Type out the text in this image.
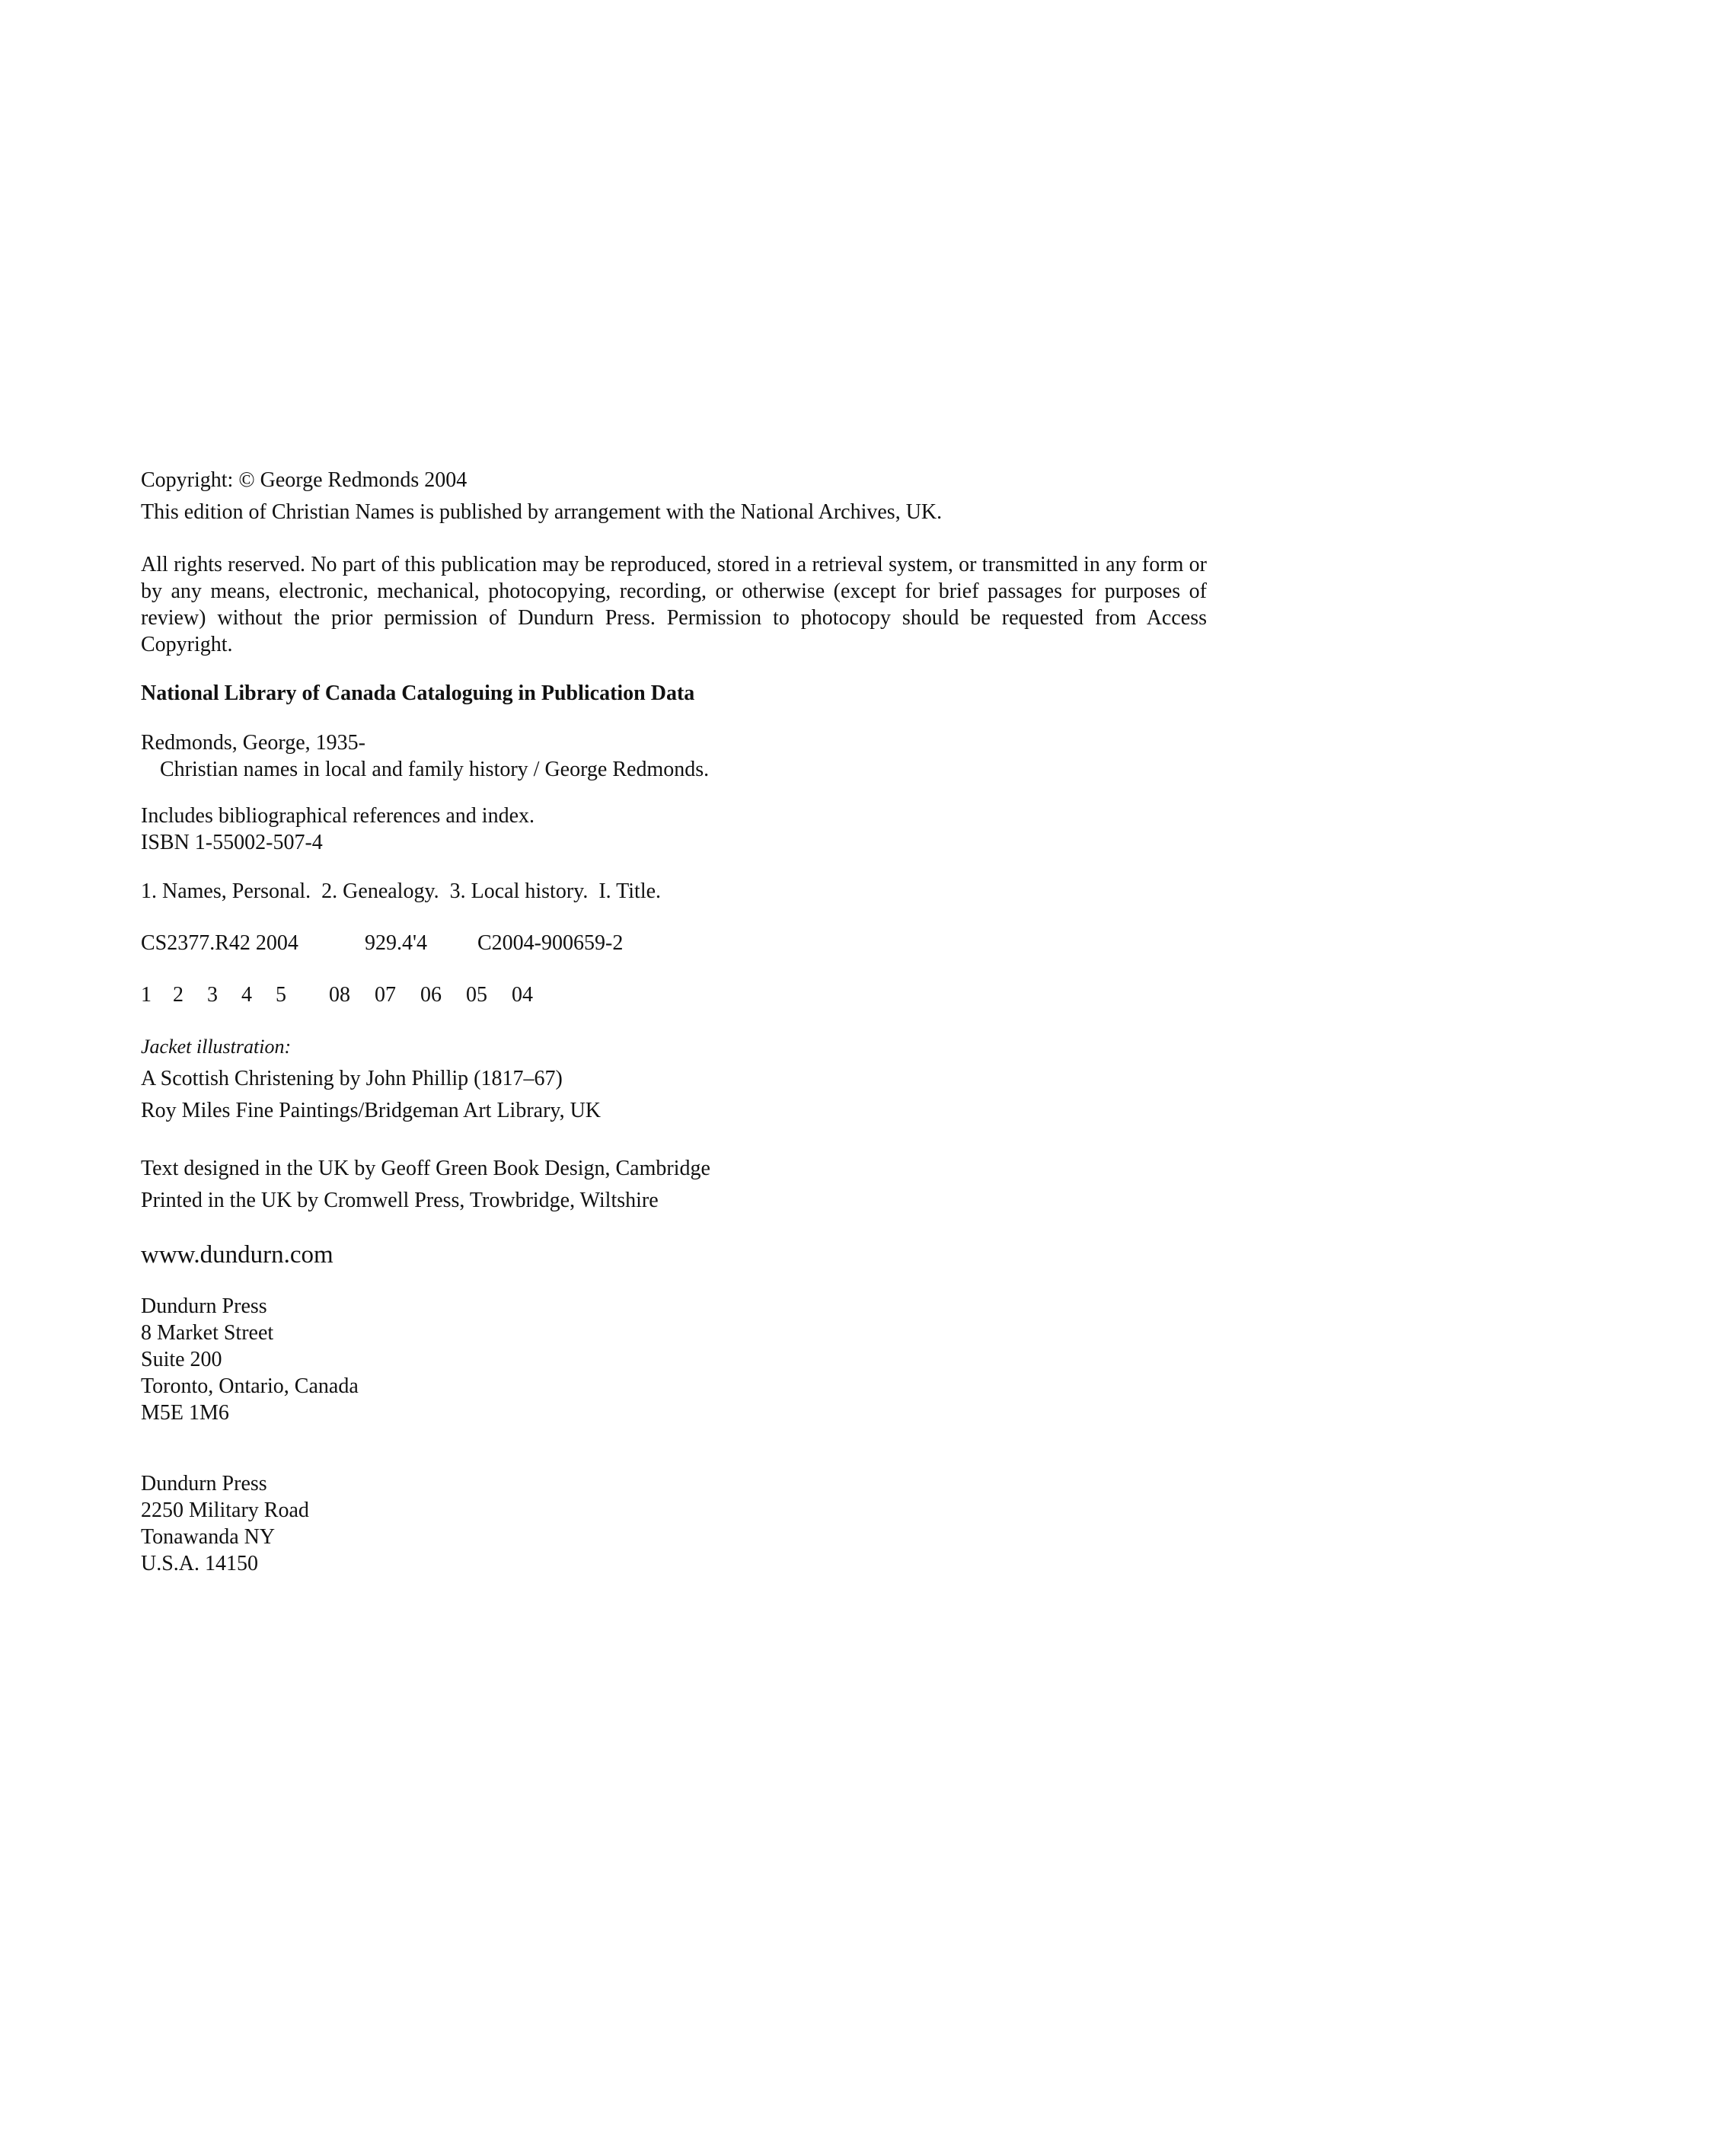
Copyright: © George Redmonds 2004

This edition of Christian Names is published by arrangement with the National Archives, UK.

All rights reserved. No part of this publication may be reproduced, stored in a retrieval system, or transmitted in any form or by any means, electronic, mechanical, photocopying, recording, or otherwise (except for brief passages for purposes of review) without the prior permission of Dundurn Press. Permission to photocopy should be requested from Access Copyright.

National Library of Canada Cataloguing in Publication Data

Redmonds, George, 1935-

Christian names in local and family history / George Redmonds.

Includes bibliographical references and index.

ISBN 1-55002-507-4

1. Names, Personal.  2. Genealogy.  3. Local history.  I. Title.

CS2377.R42 2004	929.4'4 C2004-900659-2

1 2 3 4 5 08 07 06 05 04

Jacket illustration:

A Scottish Christening by John Phillip (1817–67)

Roy Miles Fine Paintings/Bridgeman Art Library, UK

Text designed in the UK by Geoff Green Book Design, Cambridge

Printed in the UK by Cromwell Press, Trowbridge, Wiltshire

www.dundurn.com

Dundurn Press

8 Market Street

Suite 200

Toronto, Ontario, Canada

M5E 1M6

Dundurn Press

2250 Military Road

Tonawanda NY

U.S.A. 14150
